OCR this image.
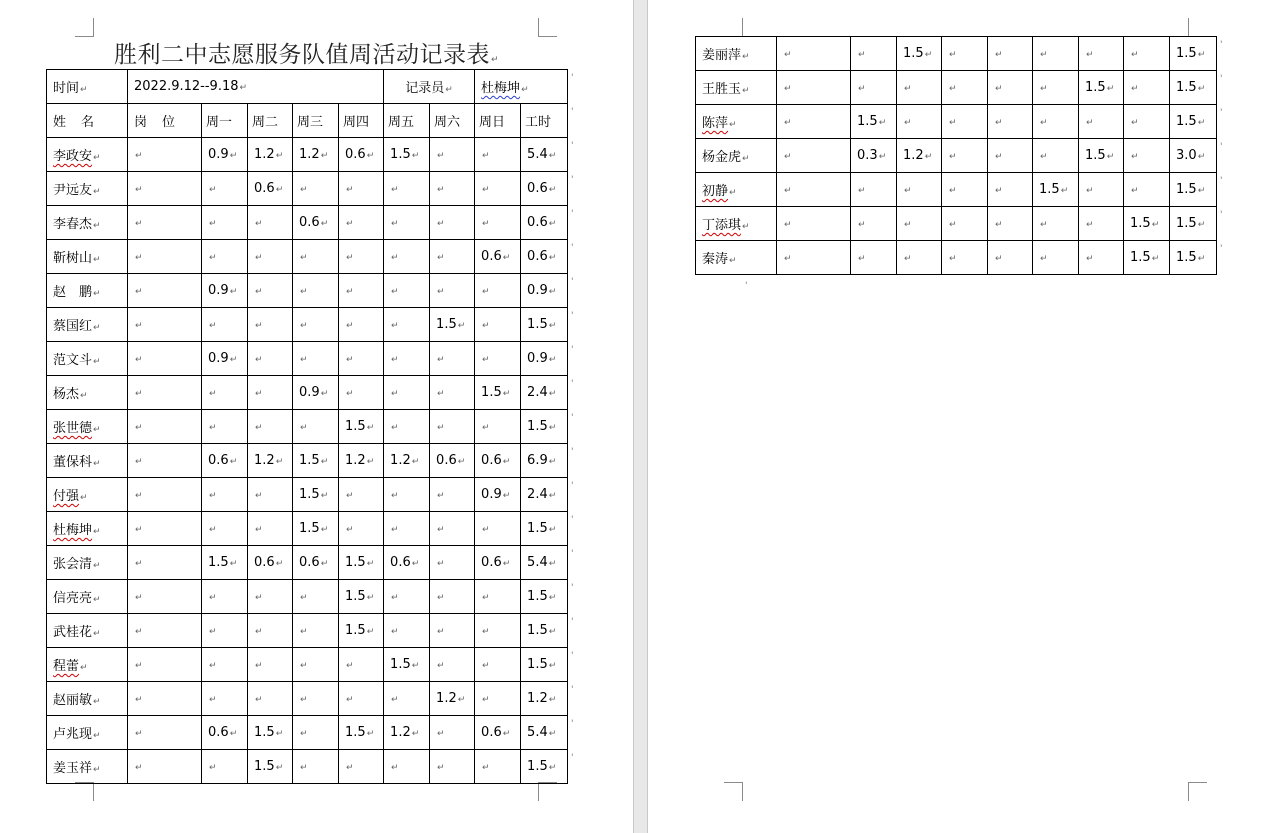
胜利二中志愿服务队值周活动记录表↵
时间↵	2022.9.12--9.18↵					记录员↵		杜梅坤↵	
姓　名	岗　位	周一	周二	周三	周四	周五	周六	周日	工时
李政安↵	↵	0.9↵	1.2↵	1.2↵	0.6↵	1.5↵	↵	↵	5.4↵
尹远友↵	↵	↵	0.6↵	↵	↵	↵	↵	↵	0.6↵
李春杰↵	↵	↵	↵	0.6↵	↵	↵	↵	↵	0.6↵
靳树山↵	↵	↵	↵	↵	↵	↵	↵	0.6↵	0.6↵
赵　鹏↵	↵	0.9↵	↵	↵	↵	↵	↵	↵	0.9↵
蔡国红↵	↵	↵	↵	↵	↵	↵	1.5↵	↵	1.5↵
范文斗↵	↵	0.9↵	↵	↵	↵	↵	↵	↵	0.9↵
杨杰↵	↵	↵	↵	0.9↵	↵	↵	↵	1.5↵	2.4↵
张世德↵	↵	↵	↵	↵	1.5↵	↵	↵	↵	1.5↵
董保科↵	↵	0.6↵	1.2↵	1.5↵	1.2↵	1.2↵	0.6↵	0.6↵	6.9↵
付强↵	↵	↵	↵	1.5↵	↵	↵	↵	0.9↵	2.4↵
杜梅坤↵	↵	↵	↵	1.5↵	↵	↵	↵	↵	1.5↵
张会清↵	↵	1.5↵	0.6↵	0.6↵	1.5↵	0.6↵	↵	0.6↵	5.4↵
信亮亮↵	↵	↵	↵	↵	1.5↵	↵	↵	↵	1.5↵
武桂花↵	↵	↵	↵	↵	1.5↵	↵	↵	↵	1.5↵
程蕾↵	↵	↵	↵	↵	↵	1.5↵	↵	↵	1.5↵
赵丽敏↵	↵	↵	↵	↵	↵	↵	1.2↵	↵	1.2↵
卢兆现↵	↵	0.6↵	1.5↵	↵	1.5↵	1.2↵	↵	0.6↵	5.4↵
姜玉祥↵	↵	↵	1.5↵	↵	↵	↵	↵	↵	1.5↵
'
'
'
'
'
'
'
'
'
'
'
'
'
'
'
'
'
'
'
'
'
姜丽萍↵	↵	↵	1.5↵	↵	↵	↵	↵	↵	1.5↵
王胜玉↵	↵	↵	↵	↵	↵	↵	1.5↵	↵	1.5↵
陈萍↵	↵	1.5↵	↵	↵	↵	↵	↵	↵	1.5↵
杨金虎↵	↵	0.3↵	1.2↵	↵	↵	↵	1.5↵	↵	3.0↵
初静↵	↵	↵	↵	↵	↵	1.5↵	↵	↵	1.5↵
丁添琪↵	↵	↵	↵	↵	↵	↵	↵	1.5↵	1.5↵
秦涛↵	↵	↵	↵	↵	↵	↵	↵	1.5↵	1.5↵
'
'
'
'
'
'
'
'
